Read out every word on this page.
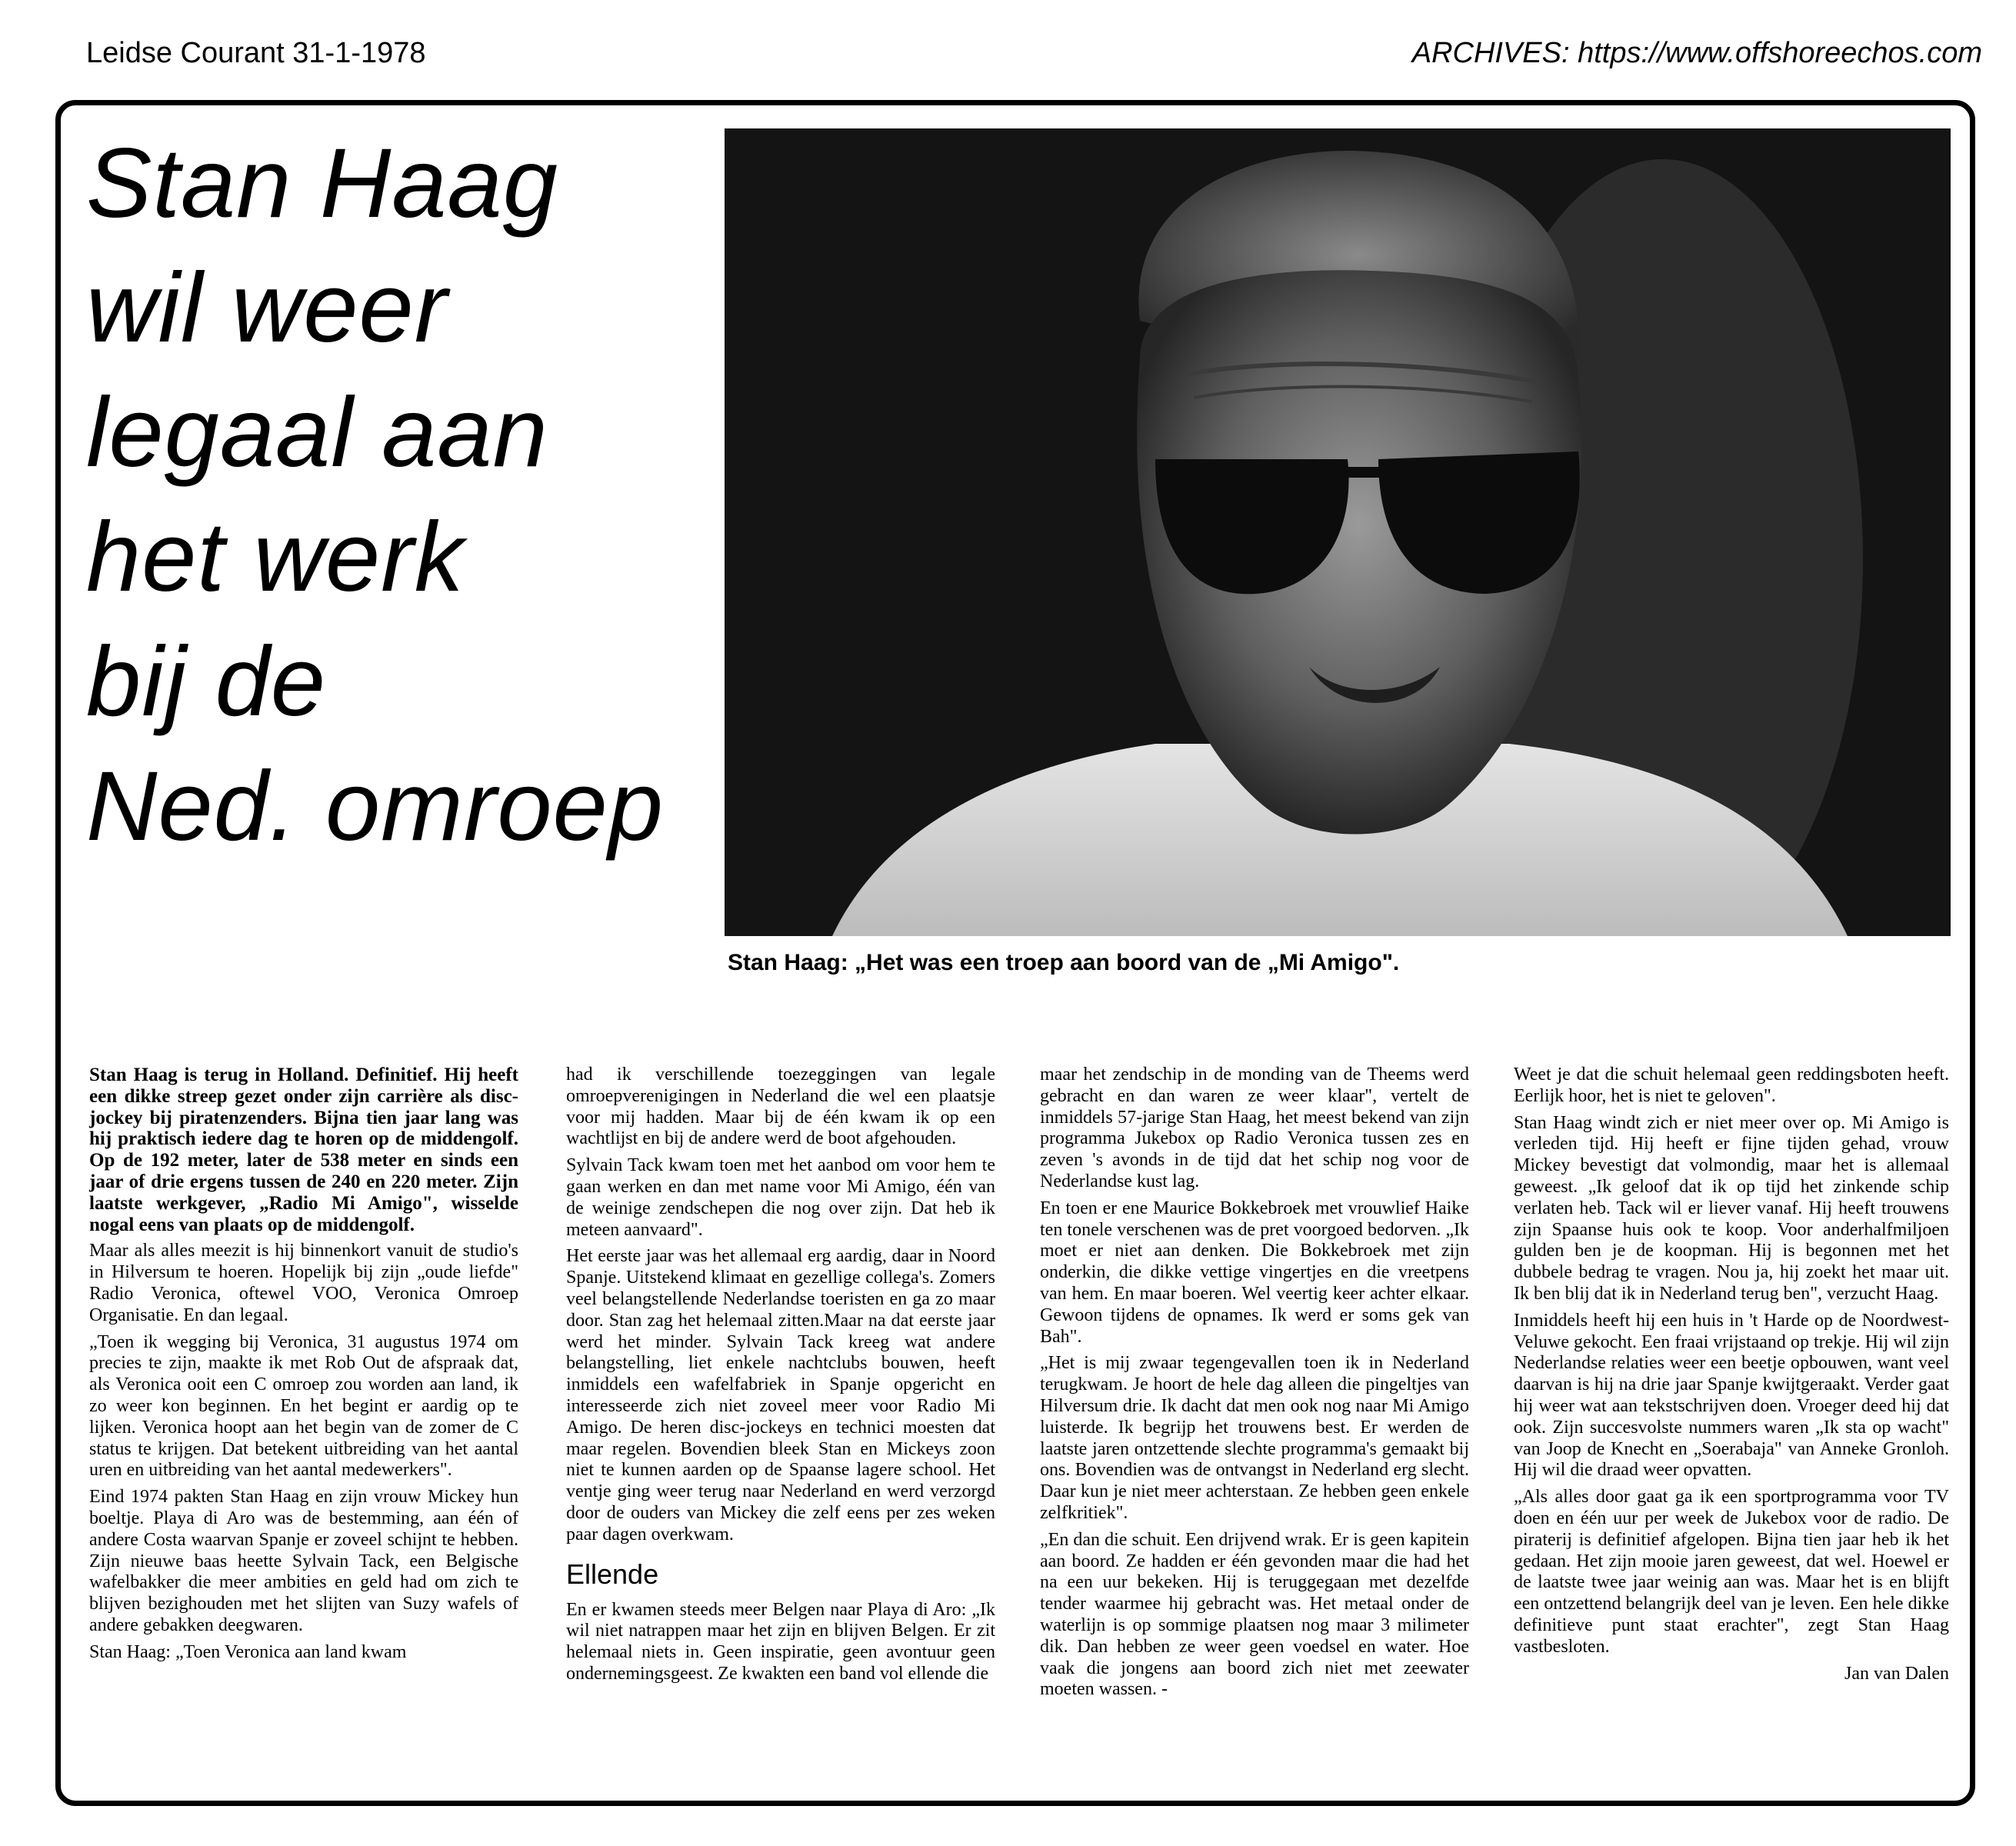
Leidse Courant 31-1-1978	ARCHIVES: https://www.offshoreechos.com
Stan Haag
wil weer
legaal aan
het werk
bij de
Ned. omroep
Stan Haag: „Het was een troep aan boord van de „Mi Amigo".

Stan Haag is terug in Holland. Definitief. Hij heeft een dikke streep gezet onder zijn carrière als disc-jockey bij piratenzenders. Bijna tien jaar lang was hij praktisch iedere dag te horen op de middengolf. Op de 192 meter, later de 538 meter en sinds een jaar of drie ergens tussen de 240 en 220 meter. Zijn laatste werkgever, „Radio Mi Amigo", wisselde nogal eens van plaats op de middengolf.

Maar als alles meezit is hij binnenkort vanuit de studio's in Hilversum te hoeren. Hopelijk bij zijn „oude liefde" Radio Veronica, oftewel VOO, Veronica Omroep Organisatie. En dan legaal.

„Toen ik wegging bij Veronica, 31 augustus 1974 om precies te zijn, maakte ik met Rob Out de afspraak dat, als Veronica ooit een C omroep zou worden aan land, ik zo weer kon beginnen. En het begint er aardig op te lijken. Veronica hoopt aan het begin van de zomer de C status te krijgen. Dat betekent uitbreiding van het aantal uren en uitbreiding van het aantal medewerkers".

Eind 1974 pakten Stan Haag en zijn vrouw Mickey hun boeltje. Playa di Aro was de bestemming, aan één of andere Costa waarvan Spanje er zoveel schijnt te hebben. Zijn nieuwe baas heette Sylvain Tack, een Belgische wafelbakker die meer ambities en geld had om zich te blijven bezighouden met het slijten van Suzy wafels of andere gebakken deegwaren.

Stan Haag: „Toen Veronica aan land kwam

had ik verschillende toezeggingen van legale omroepverenigingen in Nederland die wel een plaatsje voor mij hadden. Maar bij de één kwam ik op een wachtlijst en bij de andere werd de boot afgehouden.

Sylvain Tack kwam toen met het aanbod om voor hem te gaan werken en dan met name voor Mi Amigo, één van de weinige zendschepen die nog over zijn. Dat heb ik meteen aanvaard".

Het eerste jaar was het allemaal erg aardig, daar in Noord Spanje. Uitstekend klimaat en gezellige collega's. Zomers veel belangstellende Nederlandse toeristen en ga zo maar door. Stan zag het helemaal zitten.Maar na dat eerste jaar werd het minder. Sylvain Tack kreeg wat andere belangstelling, liet enkele nachtclubs bouwen, heeft inmiddels een wafelfabriek in Spanje opgericht en interesseerde zich niet zoveel meer voor Radio Mi Amigo. De heren disc-jockeys en technici moesten dat maar regelen. Bovendien bleek Stan en Mickeys zoon niet te kunnen aarden op de Spaanse lagere school. Het ventje ging weer terug naar Nederland en werd verzorgd door de ouders van Mickey die zelf eens per zes weken paar dagen overkwam.

Ellende

En er kwamen steeds meer Belgen naar Playa di Aro: „Ik wil niet natrappen maar het zijn en blijven Belgen. Er zit helemaal niets in. Geen inspiratie, geen avontuur geen ondernemingsgeest. Ze kwakten een band vol ellende die

maar het zendschip in de monding van de Theems werd gebracht en dan waren ze weer klaar", vertelt de inmiddels 57-jarige Stan Haag, het meest bekend van zijn programma Jukebox op Radio Veronica tussen zes en zeven 's avonds in de tijd dat het schip nog voor de Nederlandse kust lag.

En toen er ene Maurice Bokkebroek met vrouwlief Haike ten tonele verschenen was de pret voorgoed bedorven. „Ik moet er niet aan denken. Die Bokkebroek met zijn onderkin, die dikke vettige vingertjes en die vreetpens van hem. En maar boeren. Wel veertig keer achter elkaar. Gewoon tijdens de opnames. Ik werd er soms gek van Bah".

„Het is mij zwaar tegengevallen toen ik in Nederland terugkwam. Je hoort de hele dag alleen die pingeltjes van Hilversum drie. Ik dacht dat men ook nog naar Mi Amigo luisterde. Ik begrijp het trouwens best. Er werden de laatste jaren ontzettende slechte programma's gemaakt bij ons. Bovendien was de ontvangst in Nederland erg slecht. Daar kun je niet meer achterstaan. Ze hebben geen enkele zelfkritiek".

„En dan die schuit. Een drijvend wrak. Er is geen kapitein aan boord. Ze hadden er één gevonden maar die had het na een uur bekeken. Hij is teruggegaan met dezelfde tender waarmee hij gebracht was. Het metaal onder de waterlijn is op sommige plaatsen nog maar 3 milimeter dik. Dan hebben ze weer geen voedsel en water. Hoe vaak die jongens aan boord zich niet met zeewater moeten wassen. -

Weet je dat die schuit helemaal geen reddingsboten heeft. Eerlijk hoor, het is niet te geloven".

Stan Haag windt zich er niet meer over op. Mi Amigo is verleden tijd. Hij heeft er fijne tijden gehad, vrouw Mickey bevestigt dat volmondig, maar het is allemaal geweest. „Ik geloof dat ik op tijd het zinkende schip verlaten heb. Tack wil er liever vanaf. Hij heeft trouwens zijn Spaanse huis ook te koop. Voor anderhalfmiljoen gulden ben je de koopman. Hij is begonnen met het dubbele bedrag te vragen. Nou ja, hij zoekt het maar uit. Ik ben blij dat ik in Nederland terug ben", verzucht Haag.

Inmiddels heeft hij een huis in 't Harde op de Noordwest-Veluwe gekocht. Een fraai vrijstaand op trekje. Hij wil zijn Nederlandse relaties weer een beetje opbouwen, want veel daarvan is hij na drie jaar Spanje kwijtgeraakt. Verder gaat hij weer wat aan tekstschrijven doen. Vroeger deed hij dat ook. Zijn succesvolste nummers waren „Ik sta op wacht" van Joop de Knecht en „Soerabaja" van Anneke Gronloh. Hij wil die draad weer opvatten.

„Als alles door gaat ga ik een sportprogramma voor TV doen en één uur per week de Jukebox voor de radio. De piraterij is definitief afgelopen. Bijna tien jaar heb ik het gedaan. Het zijn mooie jaren geweest, dat wel. Hoewel er de laatste twee jaar weinig aan was. Maar het is en blijft een ontzettend belangrijk deel van je leven. Een hele dikke definitieve punt staat erachter", zegt Stan Haag vastbesloten.

Jan van Dalen
